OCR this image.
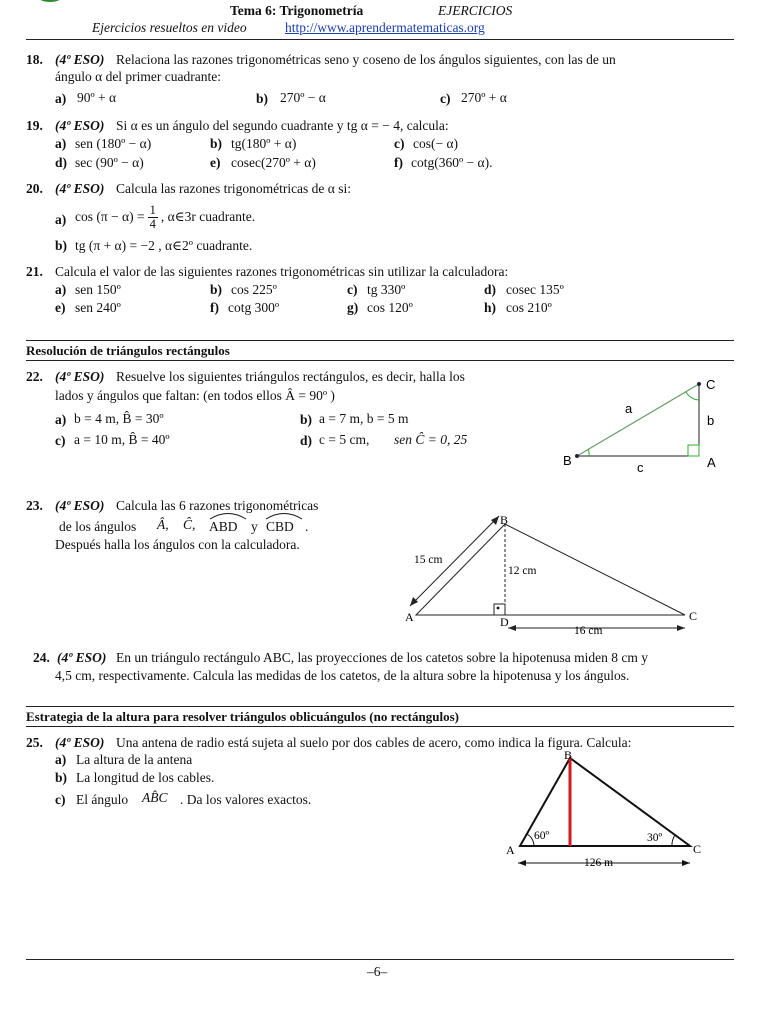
Tema 6: Trigonometría	EJERCICIOS
Ejercicios resueltos en video	http://www.aprendermatematicas.org
18. (4º ESO) Relaciona las razones trigonométricas seno y coseno de los ángulos siguientes, con las de un
ángulo α del primer cuadrante:
a) 90º + α	b) 270º − α	c) 270º + α
19. (4º ESO) Si α es un ángulo del segundo cuadrante y tg α = − 4, calcula:
a) sen (180º − α)	b) tg(180º + α)	c) cos(− α)
d) sec (90º − α)	e) cosec(270º + α)	f) cotg(360º − α).
20. (4º ESO) Calcula las razones trigonométricas de α si:
a) $\cos (\pi - \alpha) = \frac{1}{4}$ , α∈3r cuadrante.
b) tg (π + α) = −2 , α∈2º cuadrante.
21. Calcula el valor de las siguientes razones trigonométricas sin utilizar la calculadora:
a) sen 150º	b) cos 225º	c) tg 330º	d) cosec 135º
e) sen 240º	f) cotg 300º	g) cos 120º	h) cos 210º
Resolución de triángulos rectángulos
22. (4º ESO) Resuelve los siguientes triángulos rectángulos, es decir, halla los
lados y ángulos que faltan: (en todos ellos Â = 90º )
a) b = 4 m, B̂ = 30º	b) a = 7 m, b = 5 m
c) a = 10 m, B̂ = 40º	d) c = 5 cm, sen Ĉ = 0, 25
C
B	A
a
b
c
23. (4º ESO) Calcula las 6 razones trigonométricas
de los ángulos Â, Ĉ, ABD y CBD .
Después halla los ángulos con la calculadora.
B
A	D	C
15 cm
12 cm
16 cm
24. (4º ESO) En un triángulo rectángulo ABC, las proyecciones de los catetos sobre la hipotenusa miden 8 cm y
4,5 cm, respectivamente. Calcula las medidas de los catetos, de la altura sobre la hipotenusa y los ángulos.
Estrategia de la altura para resolver triángulos oblicuángulos (no rectángulos)
25. (4º ESO) Una antena de radio está sujeta al suelo por dos cables de acero, como indica la figura. Calcula:
a) La altura de la antena
b) La longitud de los cables.
c) El ángulo AB̂C . Da los valores exactos.
B
A	C
60º	30º
126 m
–6–
